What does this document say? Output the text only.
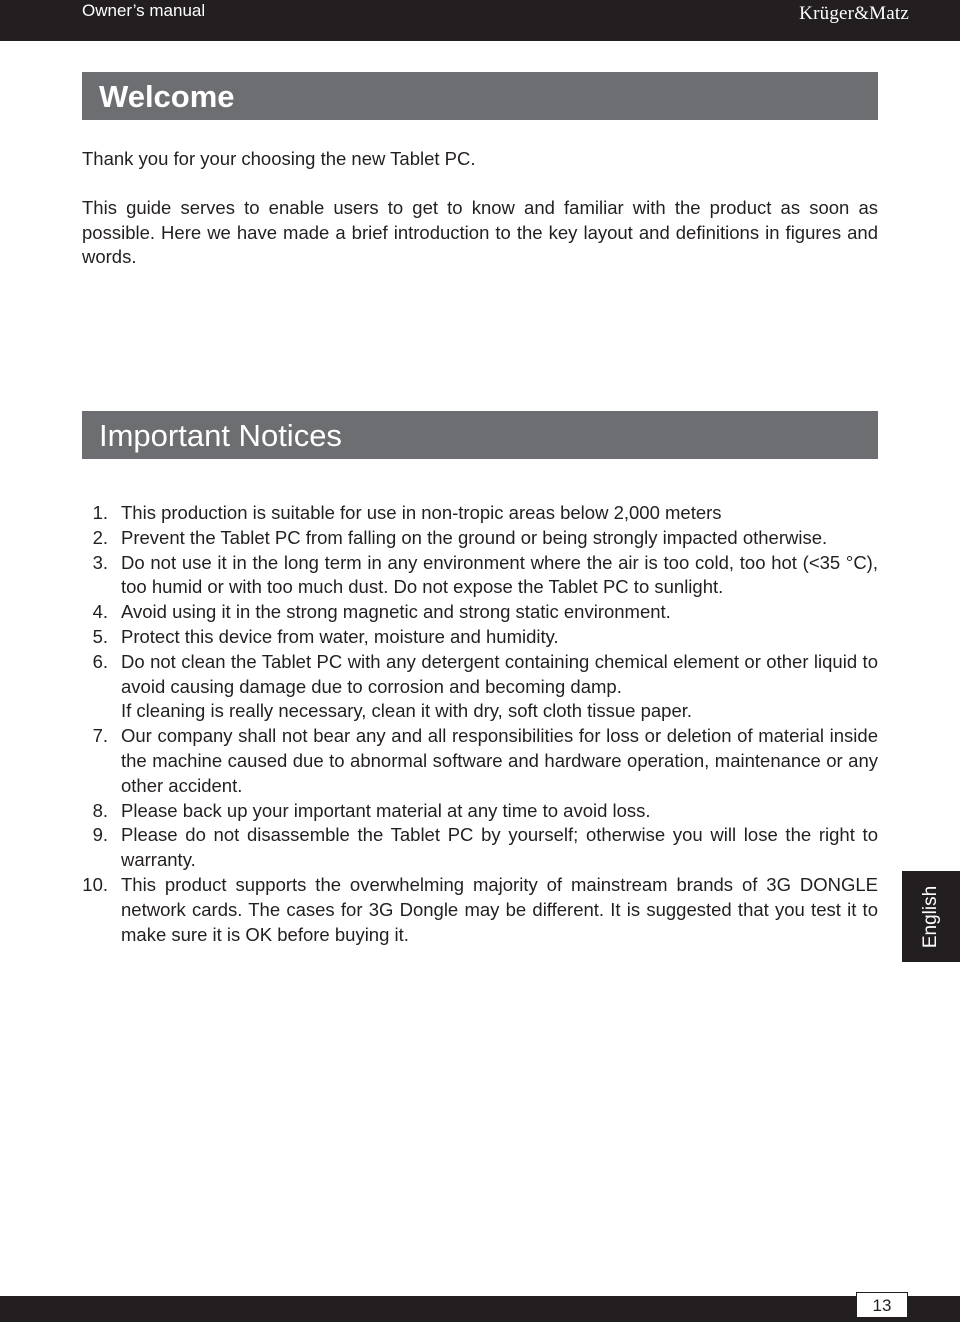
Owner’s manual	Krüger&Matz
Welcome

Thank you for your choosing the new Tablet PC.

This guide serves to enable users to get to know and familiar with the product as soon as possible. Here we have made a brief introduction to the key layout and definitions in figures and words.

Important Notices
1. This production is suitable for use in non-tropic areas below 2,000 meters
2. Prevent the Tablet PC from falling on the ground or being strongly impacted otherwise.
3. Do not use it in the long term in any environment where the air is too cold, too hot (<35 °C), too humid or with too much dust. Do not expose the Tablet PC to sunlight.
4. Avoid using it in the strong magnetic and strong static environment.
5. Protect this device from water, moisture and humidity.
6. Do not clean the Tablet PC with any detergent containing chemical element or other liquid to avoid causing damage due to corrosion and becoming damp.
If cleaning is really necessary, clean it with dry, soft cloth tissue paper.
7. Our company shall not bear any and all responsibilities for loss or deletion of material inside the machine caused due to abnormal software and hardware operation, maintenance or any other accident.
8. Please back up your important material at any time to avoid loss.
9. Please do not disassemble the Tablet PC by yourself; otherwise you will lose the right to warranty.
10. This product supports the overwhelming majority of mainstream brands of 3G DONGLE network cards. The cases for 3G Dongle may be different. It is suggested that you test it to make sure it is OK before buying it.	English
13
